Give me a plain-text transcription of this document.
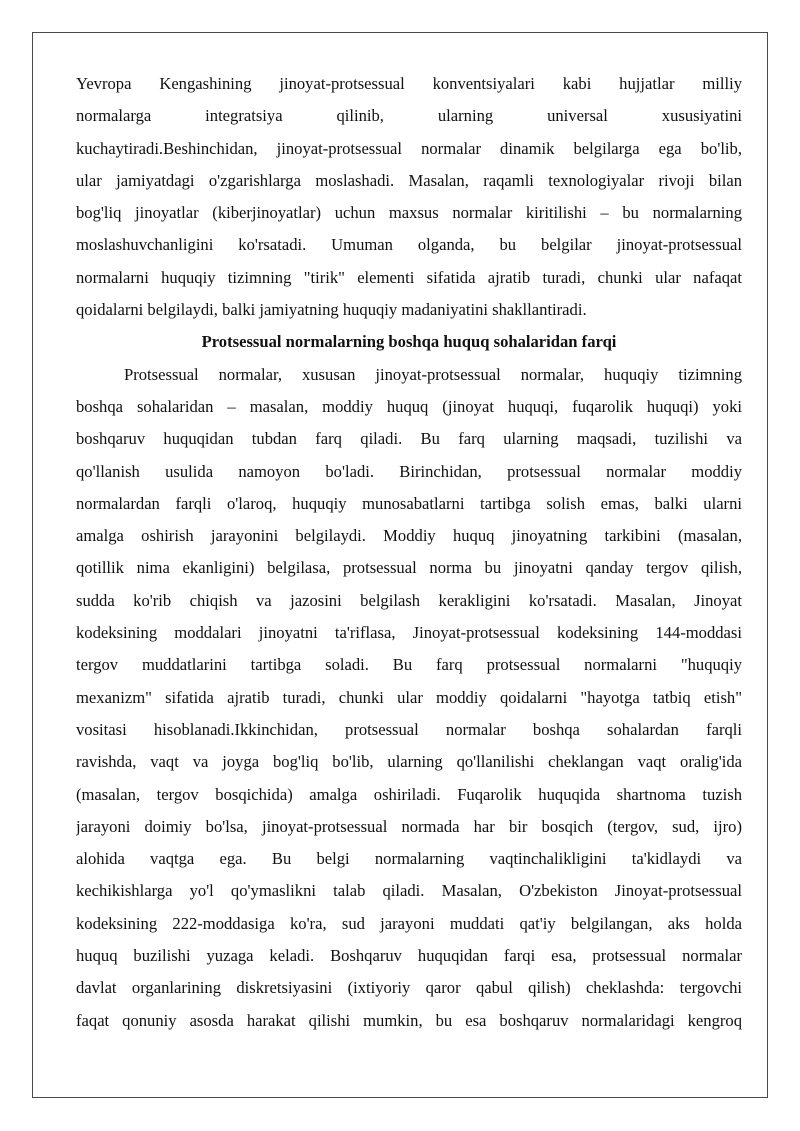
Yevropa Kengashining jinoyat-protsessual konventsiyalari kabi hujjatlar milliy
normalarga integratsiya qilinib, ularning universal xususiyatini
kuchaytiradi.Beshinchidan, jinoyat-protsessual normalar dinamik belgilarga ega bo'lib,
ular jamiyatdagi o'zgarishlarga moslashadi. Masalan, raqamli texnologiyalar rivoji bilan
bog'liq jinoyatlar (kiberjinoyatlar) uchun maxsus normalar kiritilishi – bu normalarning
moslashuvchanligini ko'rsatadi. Umuman olganda, bu belgilar jinoyat-protsessual
normalarni huquqiy tizimning "tirik" elementi sifatida ajratib turadi, chunki ular nafaqat
qoidalarni belgilaydi, balki jamiyatning huquqiy madaniyatini shakllantiradi.
Protsessual normalarning boshqa huquq sohalaridan farqi
Protsessual normalar, xususan jinoyat-protsessual normalar, huquqiy tizimning
boshqa sohalaridan – masalan, moddiy huquq (jinoyat huquqi, fuqarolik huquqi) yoki
boshqaruv huquqidan tubdan farq qiladi. Bu farq ularning maqsadi, tuzilishi va
qo'llanish usulida namoyon bo'ladi. Birinchidan, protsessual normalar moddiy
normalardan farqli o'laroq, huquqiy munosabatlarni tartibga solish emas, balki ularni
amalga oshirish jarayonini belgilaydi. Moddiy huquq jinoyatning tarkibini (masalan,
qotillik nima ekanligini) belgilasa, protsessual norma bu jinoyatni qanday tergov qilish,
sudda ko'rib chiqish va jazosini belgilash kerakligini ko'rsatadi. Masalan, Jinoyat
kodeksining moddalari jinoyatni ta'riflasa, Jinoyat-protsessual kodeksining 144-moddasi
tergov muddatlarini tartibga soladi. Bu farq protsessual normalarni "huquqiy
mexanizm" sifatida ajratib turadi, chunki ular moddiy qoidalarni "hayotga tatbiq etish"
vositasi hisoblanadi.Ikkinchidan, protsessual normalar boshqa sohalardan farqli
ravishda, vaqt va joyga bog'liq bo'lib, ularning qo'llanilishi cheklangan vaqt oralig'ida
(masalan, tergov bosqichida) amalga oshiriladi. Fuqarolik huquqida shartnoma tuzish
jarayoni doimiy bo'lsa, jinoyat-protsessual normada har bir bosqich (tergov, sud, ijro)
alohida vaqtga ega. Bu belgi normalarning vaqtinchalikligini ta'kidlaydi va
kechikishlarga yo'l qo'ymaslikni talab qiladi. Masalan, O'zbekiston Jinoyat-protsessual
kodeksining 222-moddasiga ko'ra, sud jarayoni muddati qat'iy belgilangan, aks holda
huquq buzilishi yuzaga keladi. Boshqaruv huquqidan farqi esa, protsessual normalar
davlat organlarining diskretsiyasini (ixtiyoriy qaror qabul qilish) cheklashda: tergovchi
faqat qonuniy asosda harakat qilishi mumkin, bu esa boshqaruv normalaridagi kengroq
